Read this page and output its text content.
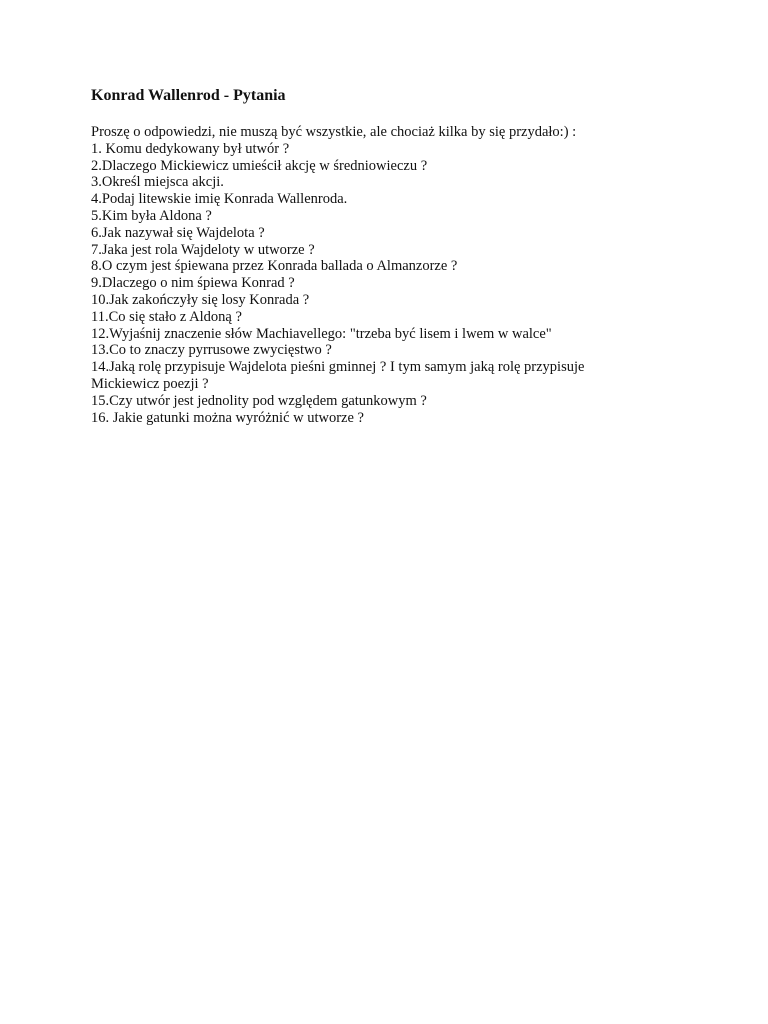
Konrad Wallenrod - Pytania

Proszę o odpowiedzi, nie muszą być wszystkie, ale chociaż kilka by się przydało:) :

1. Komu dedykowany był utwór ?
2.Dlaczego Mickiewicz umieścił akcję w średniowieczu ?
3.Określ miejsca akcji.
4.Podaj litewskie imię Konrada Wallenroda.
5.Kim była Aldona ?
6.Jak nazywał się Wajdelota ?
7.Jaka jest rola Wajdeloty w utworze ?
8.O czym jest śpiewana przez Konrada ballada o Almanzorze ?
9.Dlaczego o nim śpiewa Konrad ?
10.Jak zakończyły się losy Konrada ?
11.Co się stało z Aldoną ?
12.Wyjaśnij znaczenie słów Machiavellego: "trzeba być lisem i lwem w walce"
13.Co to znaczy pyrrusowe zwycięstwo ?
14.Jaką rolę przypisuje Wajdelota pieśni gminnej ? I tym samym jaką rolę przypisuje Mickiewicz poezji ?
15.Czy utwór jest jednolity pod względem gatunkowym ?
16. Jakie gatunki można wyróżnić w utworze ?
